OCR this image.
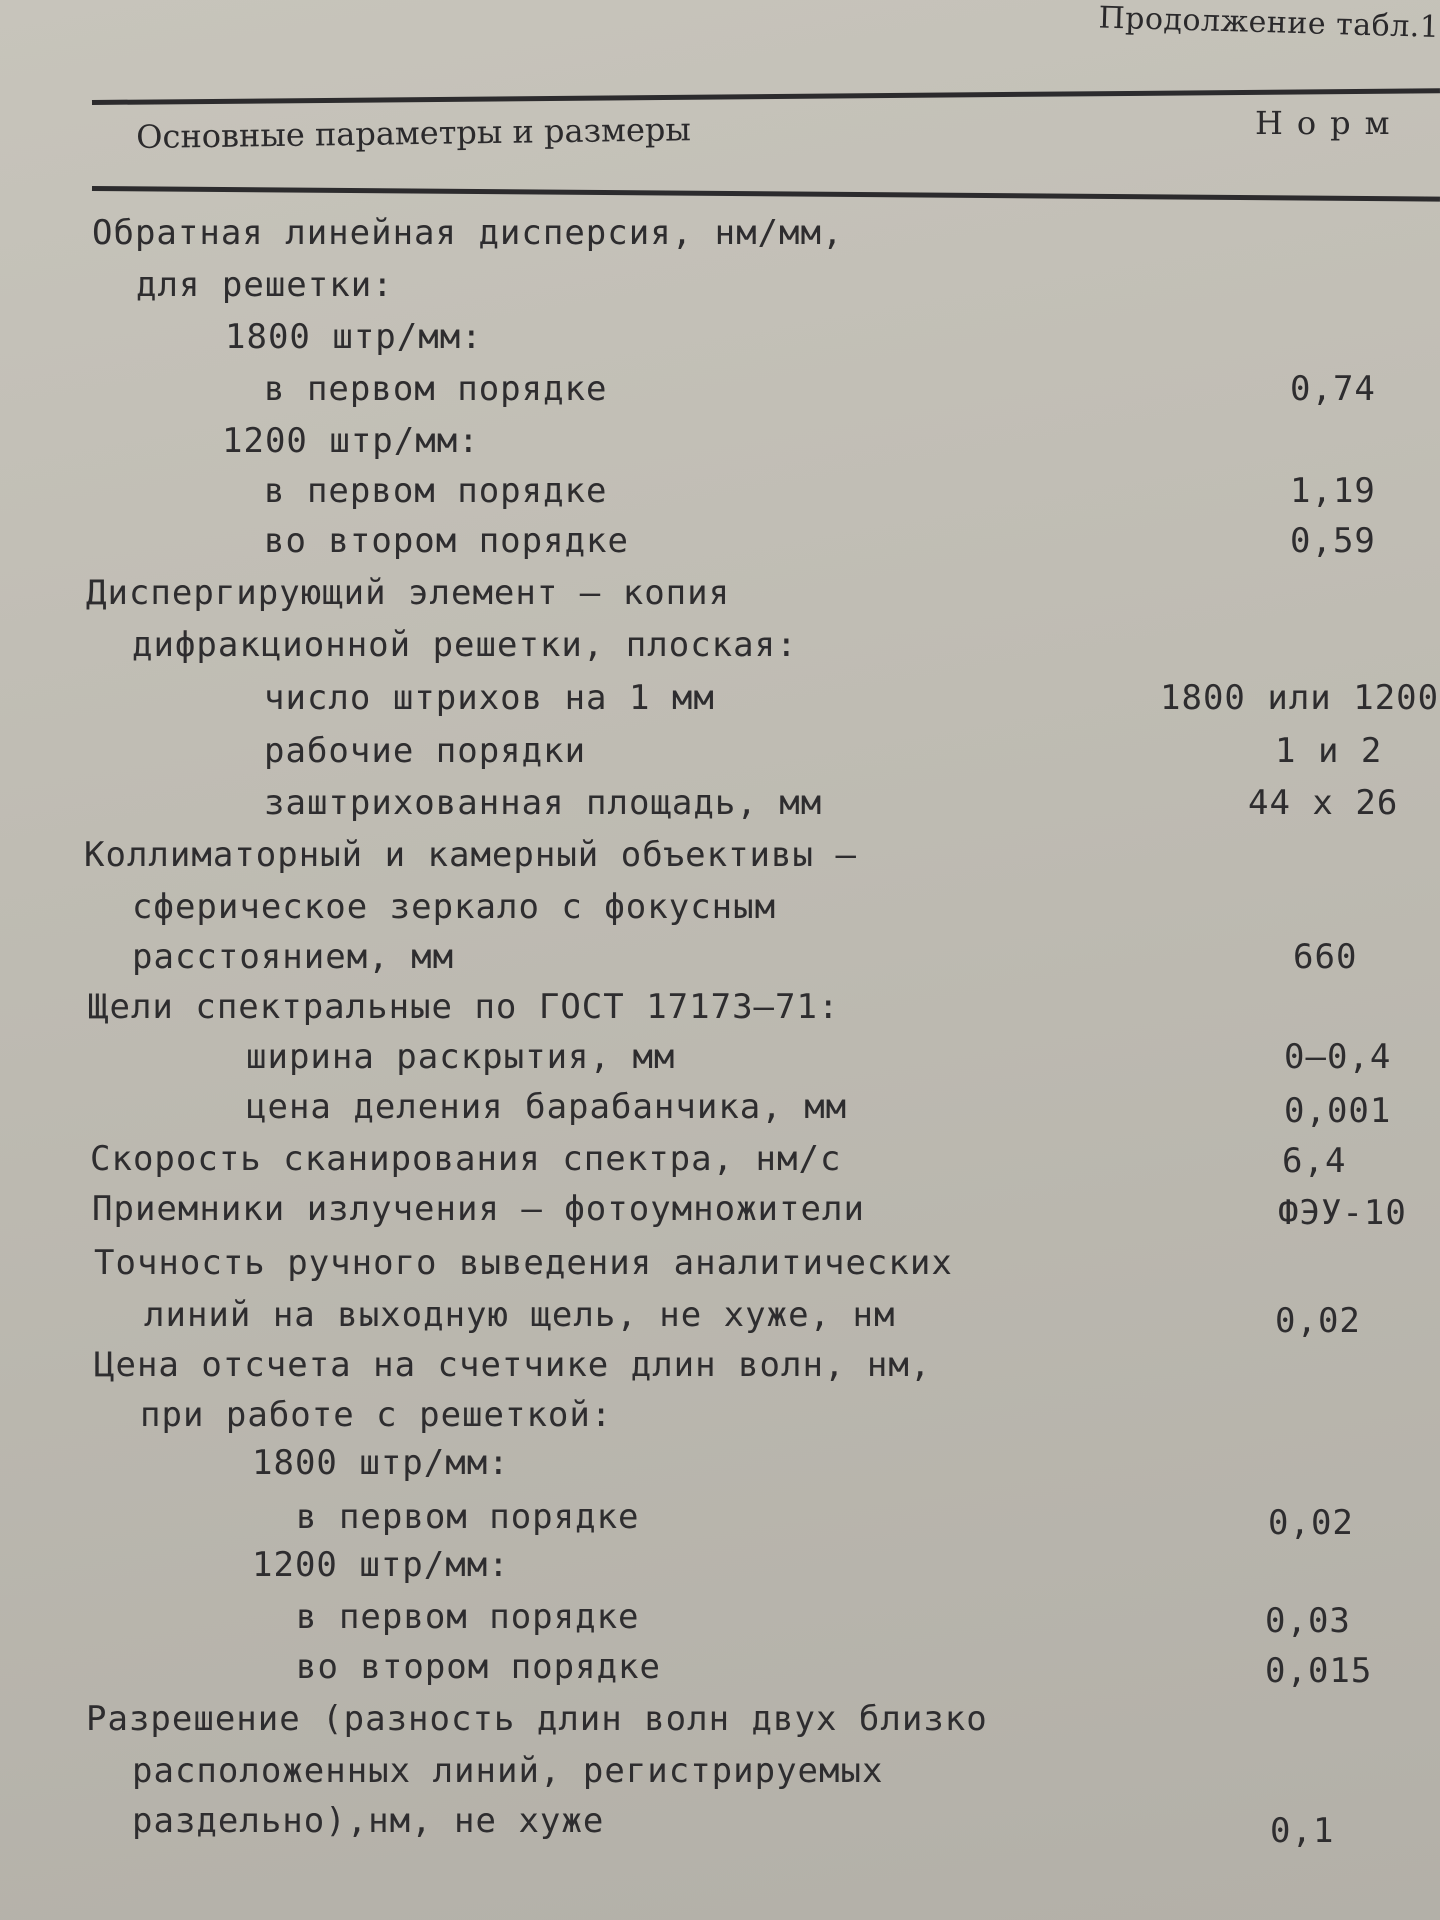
Продолжение табл.1
Основные параметры и размеры	Норм
Обратная линейная дисперсия, нм/мм,
для решетки:
1800 штр/мм:
в первом порядке	0,74
1200 штр/мм:
в первом порядке	1,19
во втором порядке	0,59
Диспергирующий элемент – копия
дифракционной решетки, плоская:
число штрихов на 1 мм	1800 или 1200
рабочие порядки	1 и 2
заштрихованная площадь, мм	44 x 26
Коллиматорный и камерный объективы –
сферическое зеркало с фокусным
расстоянием, мм	660
Щели спектральные по ГОСТ 17173–71:
ширина раскрытия, мм	0–0,4
цена деления барабанчика, мм	0,001
Скорость сканирования спектра, нм/с	6,4
Приемники излучения – фотоумножители	ФЭУ-10
Точность ручного выведения аналитических
линий на выходную щель, не хуже, нм	0,02
Цена отсчета на счетчике длин волн, нм,
при работе с решеткой:
1800 штр/мм:
в первом порядке	0,02
1200 штр/мм:
в первом порядке	0,03
во втором порядке	0,015
Разрешение (разность длин волн двух близко
расположенных линий, регистрируемых
раздельно),нм, не хуже	0,1
